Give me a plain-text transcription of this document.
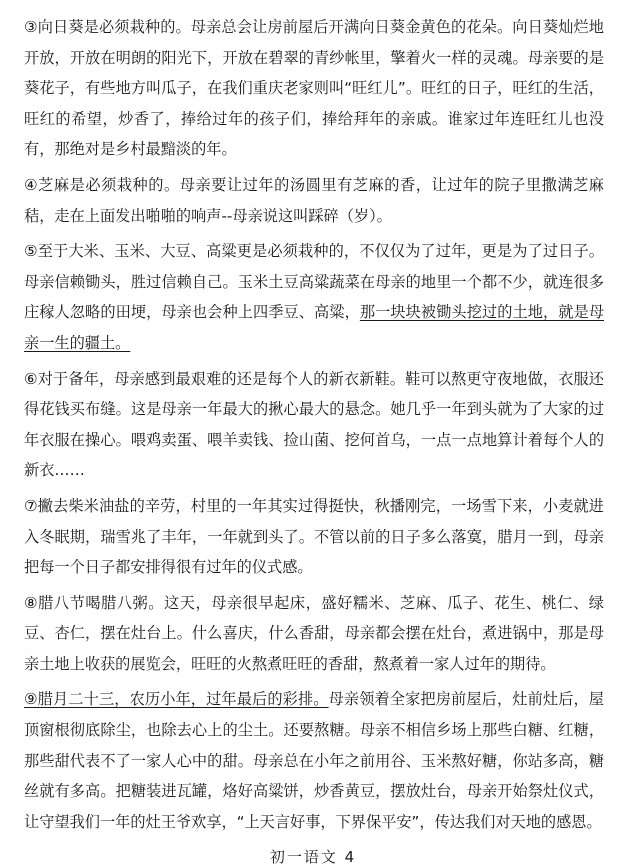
③向日葵是必须栽种的。母亲总会让房前屋后开满向日葵金黄色的花朵。向日葵灿烂地开放，开放在明朗的阳光下，开放在碧翠的青纱帐里，擎着火一样的灵魂。母亲要的是葵花子，有些地方叫瓜子，在我们重庆老家则叫“旺红儿”。旺红的日子，旺红的生活，旺红的希望，炒香了，捧给过年的孩子们，捧给拜年的亲戚。谁家过年连旺红儿也没有，那绝对是乡村最黯淡的年。

④芝麻是必须栽种的。母亲要让过年的汤圆里有芝麻的香，让过年的院子里撒满芝麻秸，走在上面发出啪啪的响声--母亲说这叫踩碎（岁）。

⑤至于大米、玉米、大豆、高粱更是必须栽种的，不仅仅为了过年，更是为了过日子。母亲信赖锄头，胜过信赖自己。玉米土豆高粱蔬菜在母亲的地里一个都不少，就连很多庄稼人忽略的田埂，母亲也会种上四季豆、高粱，那一块块被锄头挖过的土地，就是母亲一生的疆土。

⑥对于备年，母亲感到最艰难的还是每个人的新衣新鞋。鞋可以熬更守夜地做，衣服还得花钱买布缝。这是母亲一年最大的揪心最大的悬念。她几乎一年到头就为了大家的过年衣服在操心。喂鸡卖蛋、喂羊卖钱、捡山菌、挖何首乌，一点一点地算计着每个人的新衣……

⑦撇去柴米油盐的辛劳，村里的一年其实过得挺快，秋播刚完，一场雪下来，小麦就进入冬眠期，瑞雪兆了丰年，一年就到头了。不管以前的日子多么落寞，腊月一到，母亲把每一个日子都安排得很有过年的仪式感。

⑧腊八节喝腊八粥。这天，母亲很早起床，盛好糯米、芝麻、瓜子、花生、桃仁、绿豆、杏仁，摆在灶台上。什么喜庆，什么香甜，母亲都会摆在灶台，煮进锅中，那是母亲土地上收获的展览会，旺旺的火熬煮旺旺的香甜，熬煮着一家人过年的期待。

⑨腊月二十三，农历小年，过年最后的彩排。母亲领着全家把房前屋后，灶前灶后，屋顶窗根彻底除尘，也除去心上的尘土。还要熬糖。母亲不相信乡场上那些白糖、红糖，那些甜代表不了一家人心中的甜。母亲总在小年之前用谷、玉米熬好糖，你站多高，糖丝就有多高。把糖装进瓦罐，烙好高粱饼，炒香黄豆，摆放灶台，母亲开始祭灶仪式，让守望我们一年的灶王爷欢享，“上天言好事，下界保平安”，传达我们对天地的感恩。

初一语文 4
